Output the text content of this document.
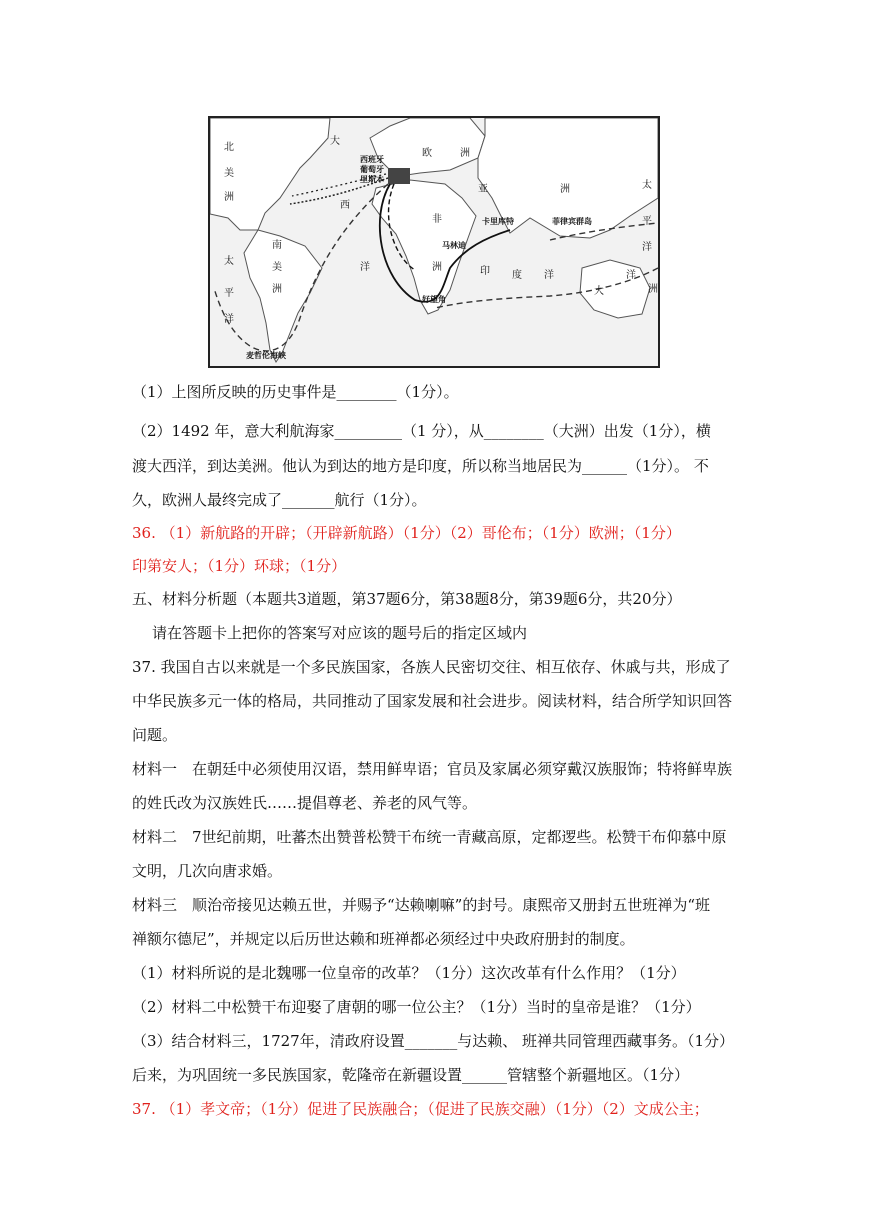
北
美
洲
南
美
洲
欧	洲
非
洲
亚	洲
大
洋
洲
大
西
洋	印 度 洋
太
平
洋
太
平
洋
西班牙
葡萄牙
里斯本
卡里库特
马林迪
好望角
菲律宾群岛
麦哲伦海峡
（1）上图所反映的历史事件是________（1分）。
（2）1492 年，意大利航海家_________（1 分），从________（大洲）出发（1分），横
渡大西洋，到达美洲。他认为到达的地方是印度，所以称当地居民为______（1分）。 不
久，欧洲人最终完成了_______航行（1分）。
36. （1）新航路的开辟；（开辟新航路）（1分）（2）哥伦布；（1分）欧洲；（1分）
印第安人；（1分）环球；（1分）
五、材料分析题（本题共3道题，第37题6分，第38题8分，第39题6分，共20分）
请在答题卡上把你的答案写对应该的题号后的指定区域内
37. 我国自古以来就是一个多民族国家，各族人民密切交往、相互依存、休戚与共，形成了
中华民族多元一体的格局，共同推动了国家发展和社会进步。阅读材料，结合所学知识回答
问题。
材料一　在朝廷中必须使用汉语，禁用鲜卑语；官员及家属必须穿戴汉族服饰；特将鲜卑族
的姓氏改为汉族姓氏……提倡尊老、养老的风气等。
材料二　7世纪前期，吐蕃杰出赞普松赞干布统一青藏高原，定都逻些。松赞干布仰慕中原
文明，几次向唐求婚。
材料三　顺治帝接见达赖五世，并赐予“达赖喇嘛”的封号。康熙帝又册封五世班禅为“班
禅额尔德尼”，并规定以后历世达赖和班禅都必须经过中央政府册封的制度。
（1）材料所说的是北魏哪一位皇帝的改革？（1分）这次改革有什么作用？（1分）
（2）材料二中松赞干布迎娶了唐朝的哪一位公主？（1分）当时的皇帝是谁？（1分）
（3）结合材料三，1727年，清政府设置_______与达赖、 班禅共同管理西藏事务。（1分）
后来，为巩固统一多民族国家，乾隆帝在新疆设置______管辖整个新疆地区。（1分）
37. （1）孝文帝；（1分）促进了民族融合；（促进了民族交融）（1分）（2）文成公主；
